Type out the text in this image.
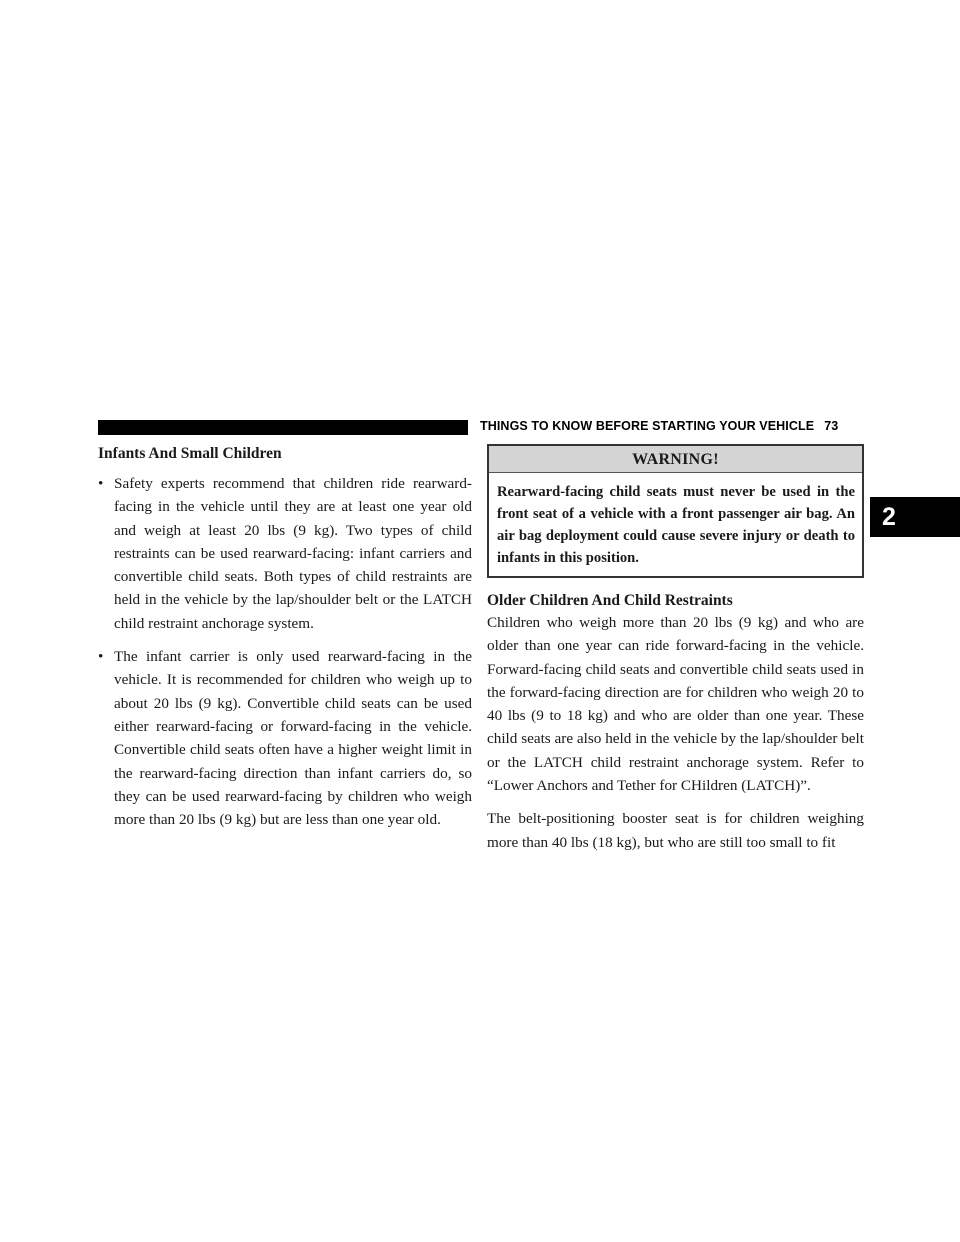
THINGS TO KNOW BEFORE STARTING YOUR VEHICLE 73
2
Infants And Small Children
• Safety experts recommend that children ride rearward-facing in the vehicle until they are at least one year old and weigh at least 20 lbs (9 kg). Two types of child restraints can be used rearward-facing: infant carriers and convertible child seats. Both types of child restraints are held in the vehicle by the lap/shoulder belt or the LATCH child restraint anchorage system.
• The infant carrier is only used rearward-facing in the vehicle. It is recommended for children who weigh up to about 20 lbs (9 kg). Convertible child seats can be used either rearward-facing or forward-facing in the vehicle. Convertible child seats often have a higher weight limit in the rearward-facing direction than infant carriers do, so they can be used rearward-facing by children who weigh more than 20 lbs (9 kg) but are less than one year old.
WARNING!
Rearward-facing child seats must never be used in the front seat of a vehicle with a front passenger air bag. An air bag deployment could cause severe injury or death to infants in this position.
Older Children And Child Restraints

Children who weigh more than 20 lbs (9 kg) and who are older than one year can ride forward-facing in the vehicle. Forward-facing child seats and convertible child seats used in the forward-facing direction are for children who weigh 20 to 40 lbs (9 to 18 kg) and who are older than one year. These child seats are also held in the vehicle by the lap/shoulder belt or the LATCH child restraint anchorage system. Refer to “Lower Anchors and Tether for CHildren (LATCH)”.

The belt-positioning booster seat is for children weighing more than 40 lbs (18 kg), but who are still too small to fit
